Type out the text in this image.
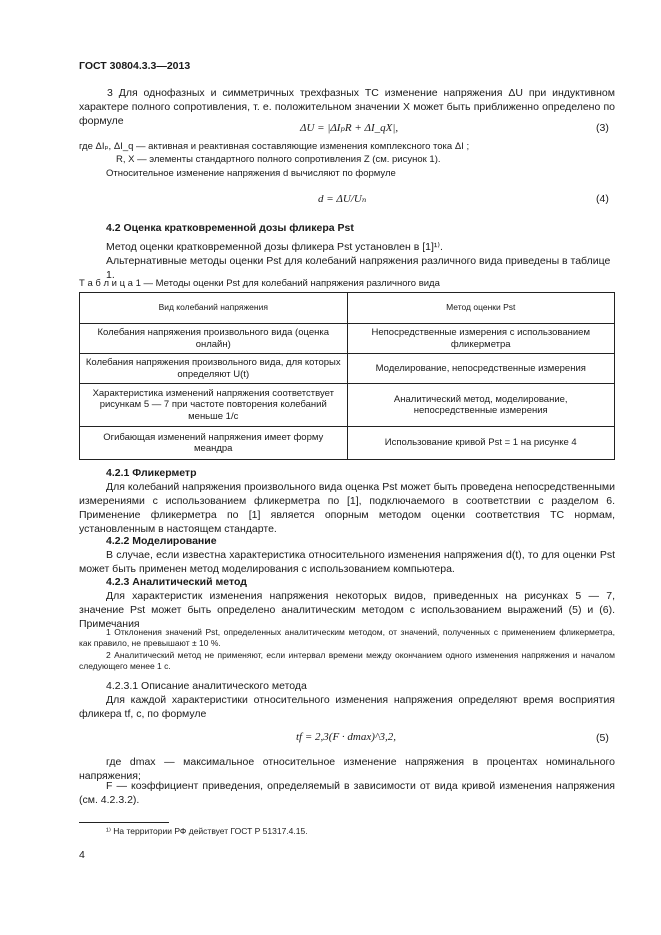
ГОСТ 30804.3.3—2013
3 Для однофазных и симметричных трехфазных ТС изменение напряжения ΔU при индуктивном характере полного сопротивления, т. е. положительном значении X может быть приближенно определено по формуле
ΔU = |ΔIₚR + ΔI_qX|,	(3)
где ΔIₚ, ΔI_q — активная и реактивная составляющие изменения комплексного тока ΔI ;
R, X — элементы стандартного полного сопротивления Z (см. рисунок 1).
Относительное изменение напряжения d вычисляют по формуле
d = ΔU/Uₙ	(4)
4.2 Оценка кратковременной дозы фликера Pst
Метод оценки кратковременной дозы фликера Pst установлен в [1]¹⁾.
Альтернативные методы оценки Pst для колебаний напряжения различного вида приведены в таблице 1.
Т а б л и ц а 1 — Методы оценки Pst для колебаний напряжения различного вида
Вид колебаний напряжения	Метод оценки Pst
Колебания напряжения произвольного вида (оценка онлайн)	Непосредственные измерения с использованием фликерметра
Колебания напряжения произвольного вида, для которых определяют U(t)	Моделирование, непосредственные измерения
Характеристика изменений напряжения соответствует рисункам 5 — 7 при частоте повторения колебаний меньше 1/с	Аналитический метод, моделирование, непосредственные измерения
Огибающая изменений напряжения имеет форму меандра	Использование кривой Pst = 1 на рисунке 4
4.2.1 Фликерметр
Для колебаний напряжения произвольного вида оценка Pst может быть проведена непосредственными измерениями с использованием фликерметра по [1], подключаемого в соответствии с разделом 6. Применение фликерметра по [1] является опорным методом оценки соответствия ТС нормам, установленным в настоящем стандарте.
4.2.2 Моделирование
В случае, если известна характеристика относительного изменения напряжения d(t), то для оценки Pst может быть применен метод моделирования с использованием компьютера.
4.2.3 Аналитический метод
Для характеристик изменения напряжения некоторых видов, приведенных на рисунках 5 — 7, значение Pst может быть определено аналитическим методом с использованием выражений (5) и (6). Примечания
1 Отклонения значений Pst, определенных аналитическим методом, от значений, полученных с применением фликерметра, как правило, не превышают ± 10 %.
2 Аналитический метод не применяют, если интервал времени между окончанием одного изменения напряжения и началом следующего менее 1 с.
4.2.3.1 Описание аналитического метода
Для каждой характеристики относительного изменения напряжения определяют время восприятия фликера tf, с, по формуле
tf = 2,3(F · dmax)^3,2,	(5)
где dmax — максимальное относительное изменение напряжения в процентах номинального напряжения;
F — коэффициент приведения, определяемый в зависимости от вида кривой изменения напряжения (см. 4.2.3.2).
¹⁾ На территории РФ действует ГОСТ Р 51317.4.15.
4
